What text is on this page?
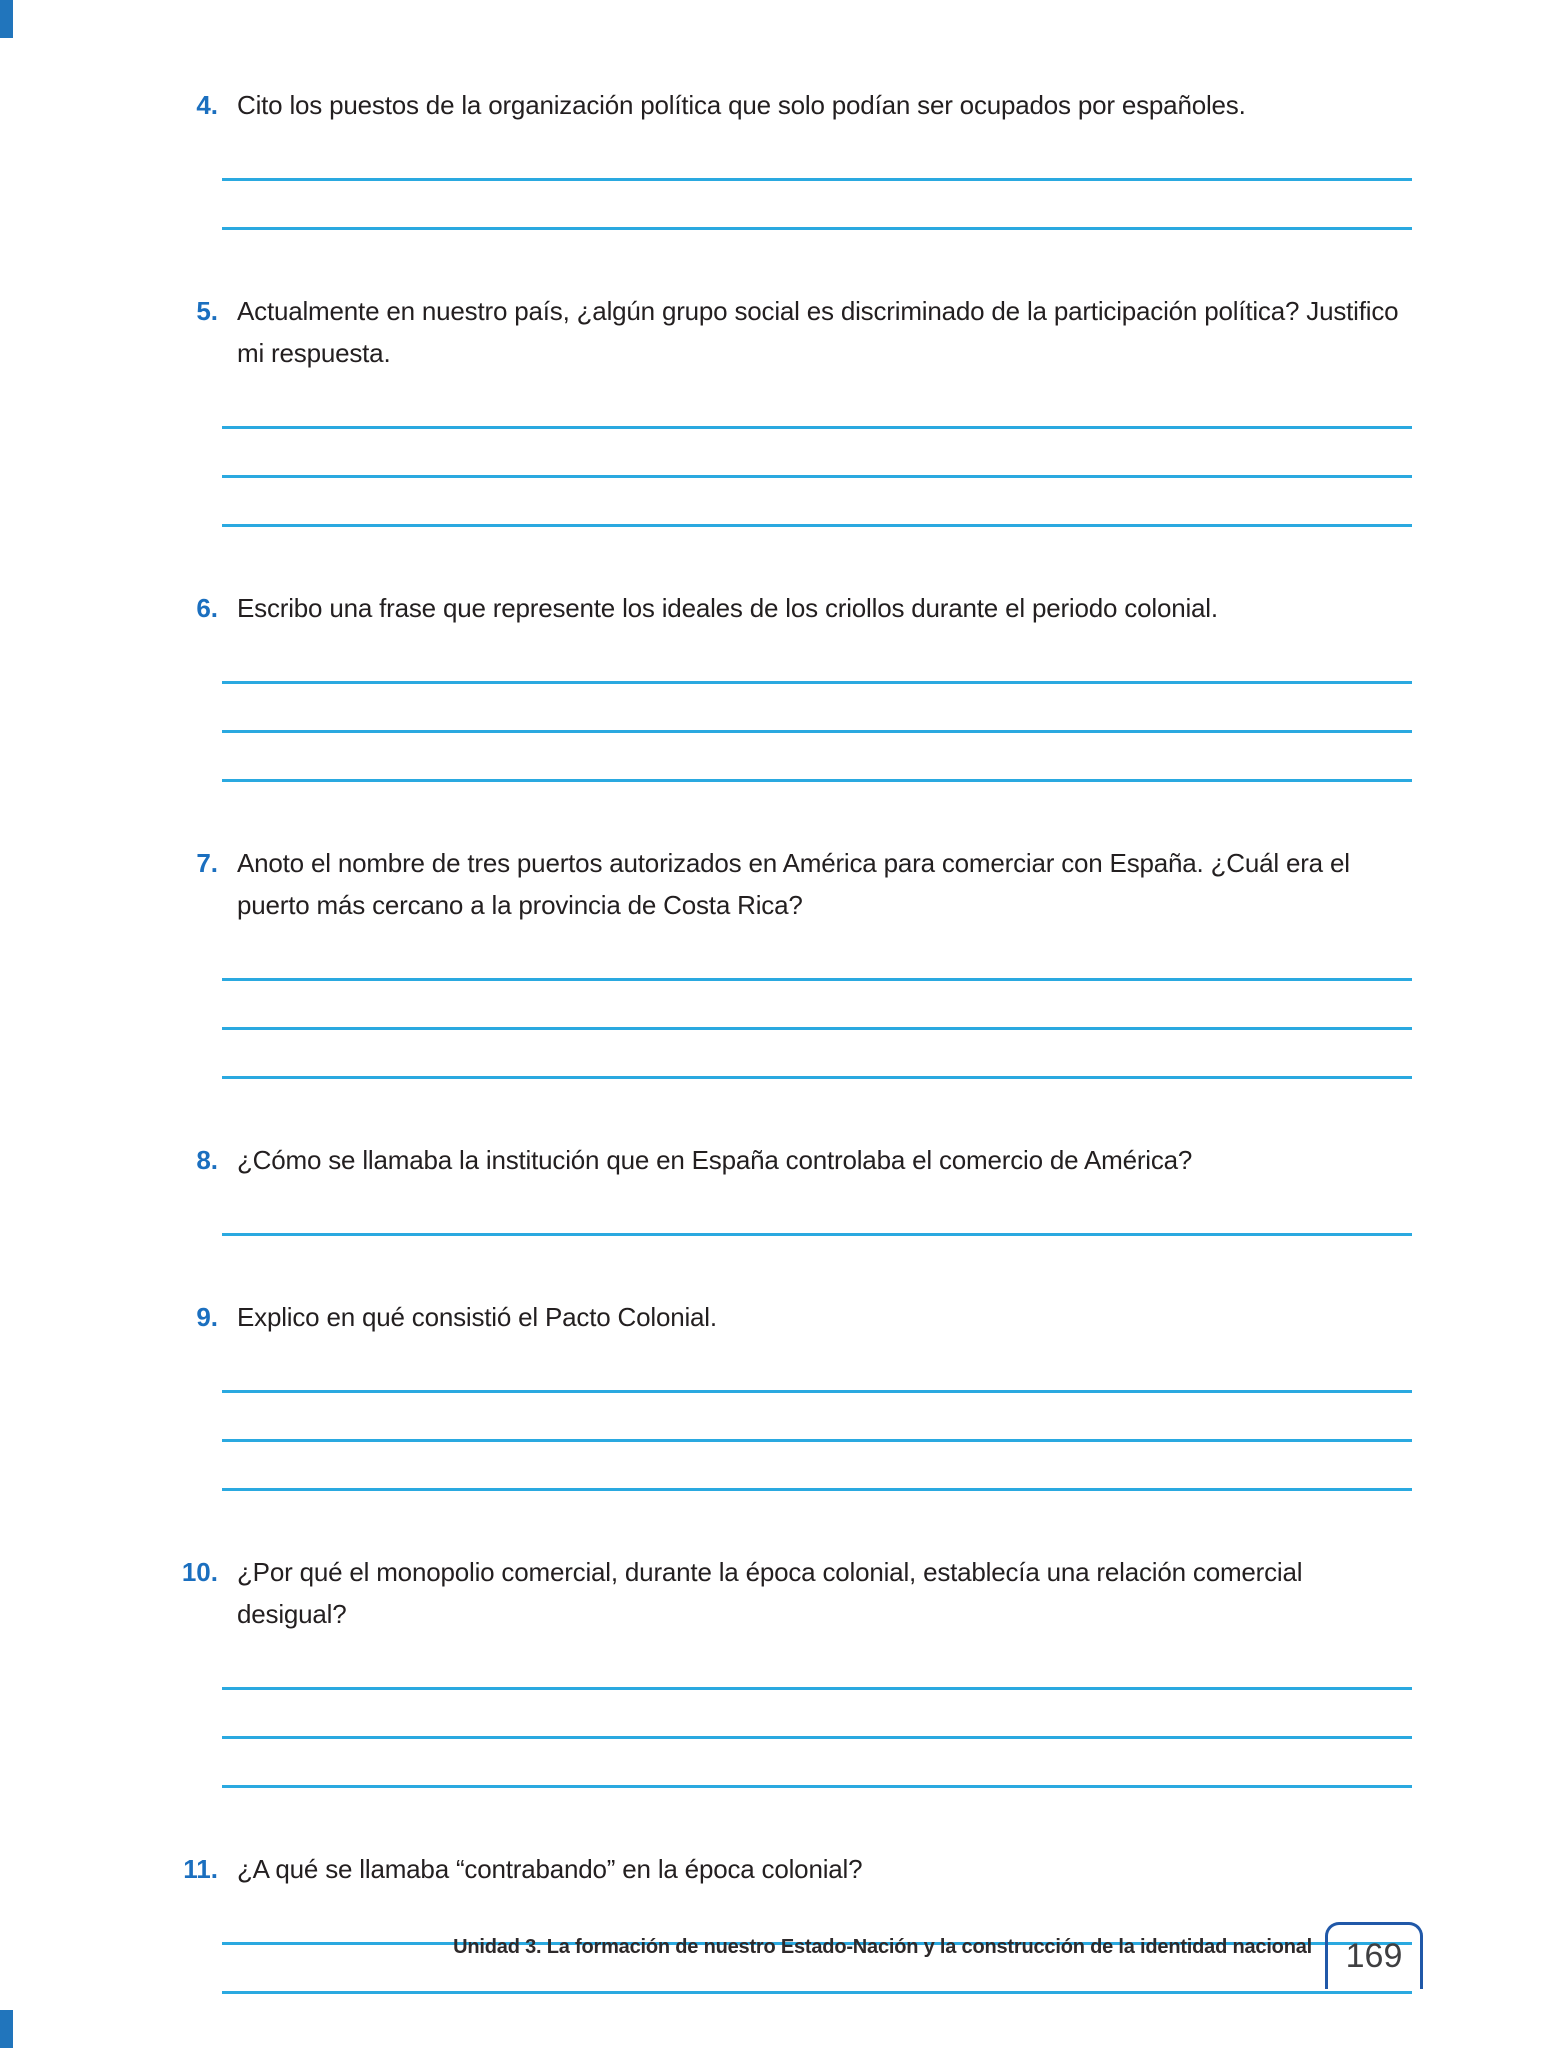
4. Cito los puestos de la organización política que solo podían ser ocupados por españoles.
5. Actualmente en nuestro país, ¿algún grupo social es discriminado de la participación política? Justifico mi respuesta.
6. Escribo una frase que represente los ideales de los criollos durante el periodo colonial.
7. Anoto el nombre de tres puertos autorizados en América para comerciar con España. ¿Cuál era el puerto más cercano a la provincia de Costa Rica?
8. ¿Cómo se llamaba la institución que en España controlaba el comercio de América?
9. Explico en qué consistió el Pacto Colonial.
10. ¿Por qué el monopolio comercial, durante la época colonial, establecía una relación comercial desigual?
11. ¿A qué se llamaba “contrabando” en la época colonial?
Unidad 3. La formación de nuestro Estado-Nación y la construcción de la identidad nacional 169
